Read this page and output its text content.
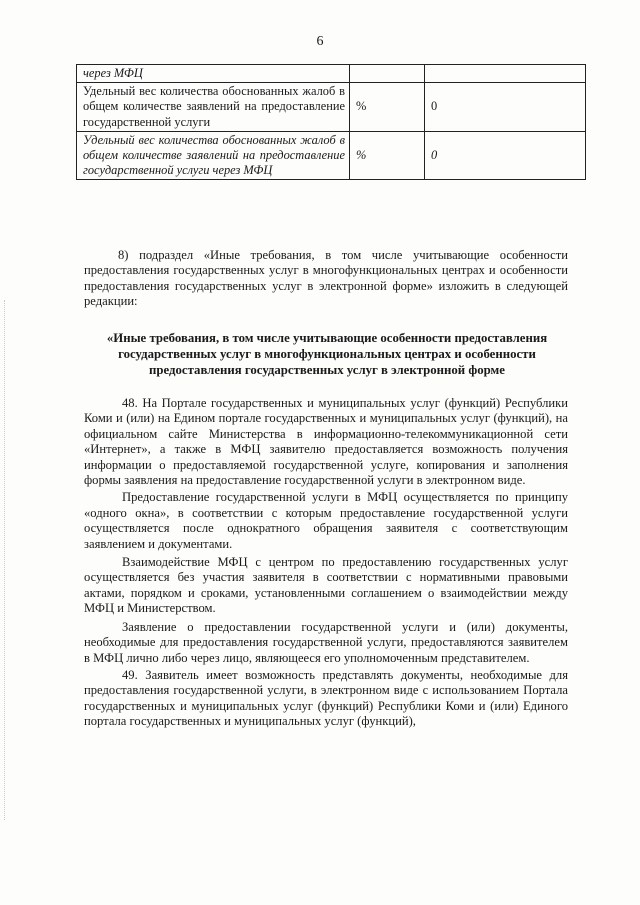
6
через МФЦ		
Удельный вес количества обоснованных жалоб в общем количестве заявлений на предоставление государственной услуги	%	0
Удельный вес количества обоснованных жалоб в общем количестве заявлений на предоставление государственной услуги через МФЦ	%	0

8) подраздел «Иные требования, в том числе учитывающие особенности предоставления государственных услуг в многофункциональных центрах и особенности предоставления государственных услуг в электронной форме» изложить в следующей редакции:

«Иные требования, в том числе учитывающие особенности предоставления государственных услуг в многофункциональных центрах и особенности предоставления государственных услуг в электронной форме

48. На Портале государственных и муниципальных услуг (функций) Республики Коми и (или) на Едином портале государственных и муниципальных услуг (функций), на официальном сайте Министерства в информационно-телекоммуникационной сети «Интернет», а также в МФЦ заявителю предоставляется возможность получения информации о предоставляемой государственной услуге, копирования и заполнения формы заявления на предоставление государственной услуги в электронном виде.

Предоставление государственной услуги в МФЦ осуществляется по принципу «одного окна», в соответствии с которым предоставление государственной услуги осуществляется после однократного обращения заявителя с соответствующим заявлением и документами.

Взаимодействие МФЦ с центром по предоставлению государственных услуг осуществляется без участия заявителя в соответствии с нормативными правовыми актами, порядком и сроками, установленными соглашением о взаимодействии между МФЦ и Министерством.

Заявление о предоставлении государственной услуги и (или) документы, необходимые для предоставления государственной услуги, предоставляются заявителем в МФЦ лично либо через лицо, являющееся его уполномоченным представителем.

49. Заявитель имеет возможность представлять документы, необходимые для предоставления государственной услуги, в электронном виде с использованием Портала государственных и муниципальных услуг (функций) Республики Коми и (или) Единого портала государственных и муниципальных услуг (функций),
